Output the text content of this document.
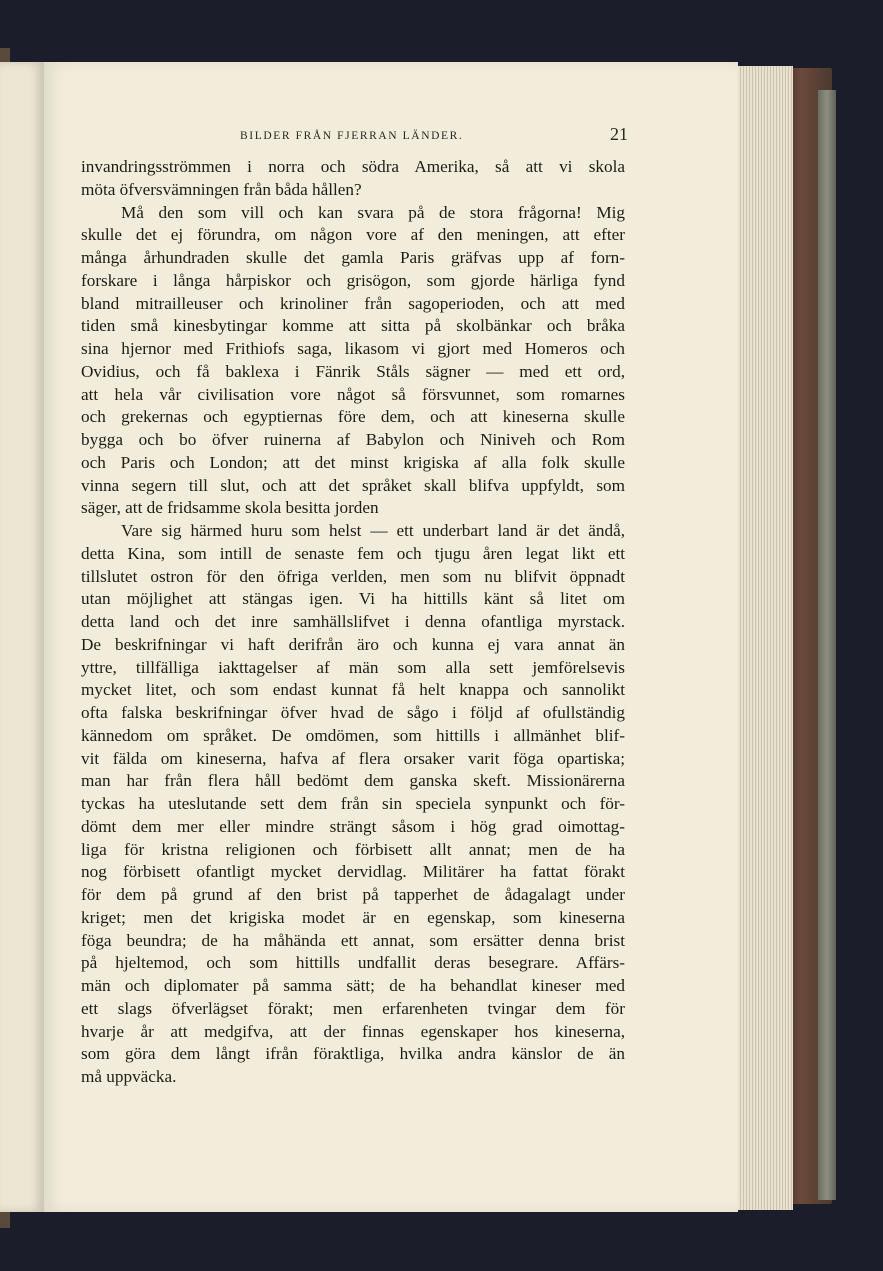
BILDER FRÅN FJERRAN LÄNDER.	21
invandringsströmmen i norra och södra Amerika, så att vi skola
möta öfversvämningen från båda hållen?
Må den som vill och kan svara på de stora frågorna! Mig
skulle det ej förundra, om någon vore af den meningen, att efter
många århundraden skulle det gamla Paris gräfvas upp af forn-
forskare i långa hårpiskor och grisögon, som gjorde härliga fynd
bland mitrailleuser och krinoliner från sagoperioden, och att med
tiden små kinesbytingar komme att sitta på skolbänkar och bråka
sina hjernor med Frithiofs saga, likasom vi gjort med Homeros och
Ovidius, och få baklexa i Fänrik Ståls sägner — med ett ord,
att hela vår civilisation vore något så försvunnet, som romarnes
och grekernas och egyptiernas före dem, och att kineserna skulle
bygga och bo öfver ruinerna af Babylon och Niniveh och Rom
och Paris och London; att det minst krigiska af alla folk skulle
vinna segern till slut, och att det språket skall blifva uppfyldt, som
säger, att de fridsamme skola besitta jorden
Vare sig härmed huru som helst — ett underbart land är det ändå,
detta Kina, som intill de senaste fem och tjugu åren legat likt ett
tillslutet ostron för den öfriga verlden, men som nu blifvit öppnadt
utan möjlighet att stängas igen. Vi ha hittills känt så litet om
detta land och det inre samhällslifvet i denna ofantliga myrstack.
De beskrifningar vi haft derifrån äro och kunna ej vara annat än
yttre, tillfälliga iakttagelser af män som alla sett jemförelsevis
mycket litet, och som endast kunnat få helt knappa och sannolikt
ofta falska beskrifningar öfver hvad de sågo i följd af ofullständig
kännedom om språket. De omdömen, som hittills i allmänhet blif-
vit fälda om kineserna, hafva af flera orsaker varit föga opartiska;
man har från flera håll bedömt dem ganska skeft. Missionärerna
tyckas ha uteslutande sett dem från sin speciela synpunkt och för-
dömt dem mer eller mindre strängt såsom i hög grad oimottag-
liga för kristna religionen och förbisett allt annat; men de ha
nog förbisett ofantligt mycket dervidlag. Militärer ha fattat förakt
för dem på grund af den brist på tapperhet de ådagalagt under
kriget; men det krigiska modet är en egenskap, som kineserna
föga beundra; de ha måhända ett annat, som ersätter denna brist
på hjeltemod, och som hittills undfallit deras besegrare. Affärs-
män och diplomater på samma sätt; de ha behandlat kineser med
ett slags öfverlägset förakt; men erfarenheten tvingar dem för
hvarje år att medgifva, att der finnas egenskaper hos kineserna,
som göra dem långt ifrån föraktliga, hvilka andra känslor de än
må uppväcka.
